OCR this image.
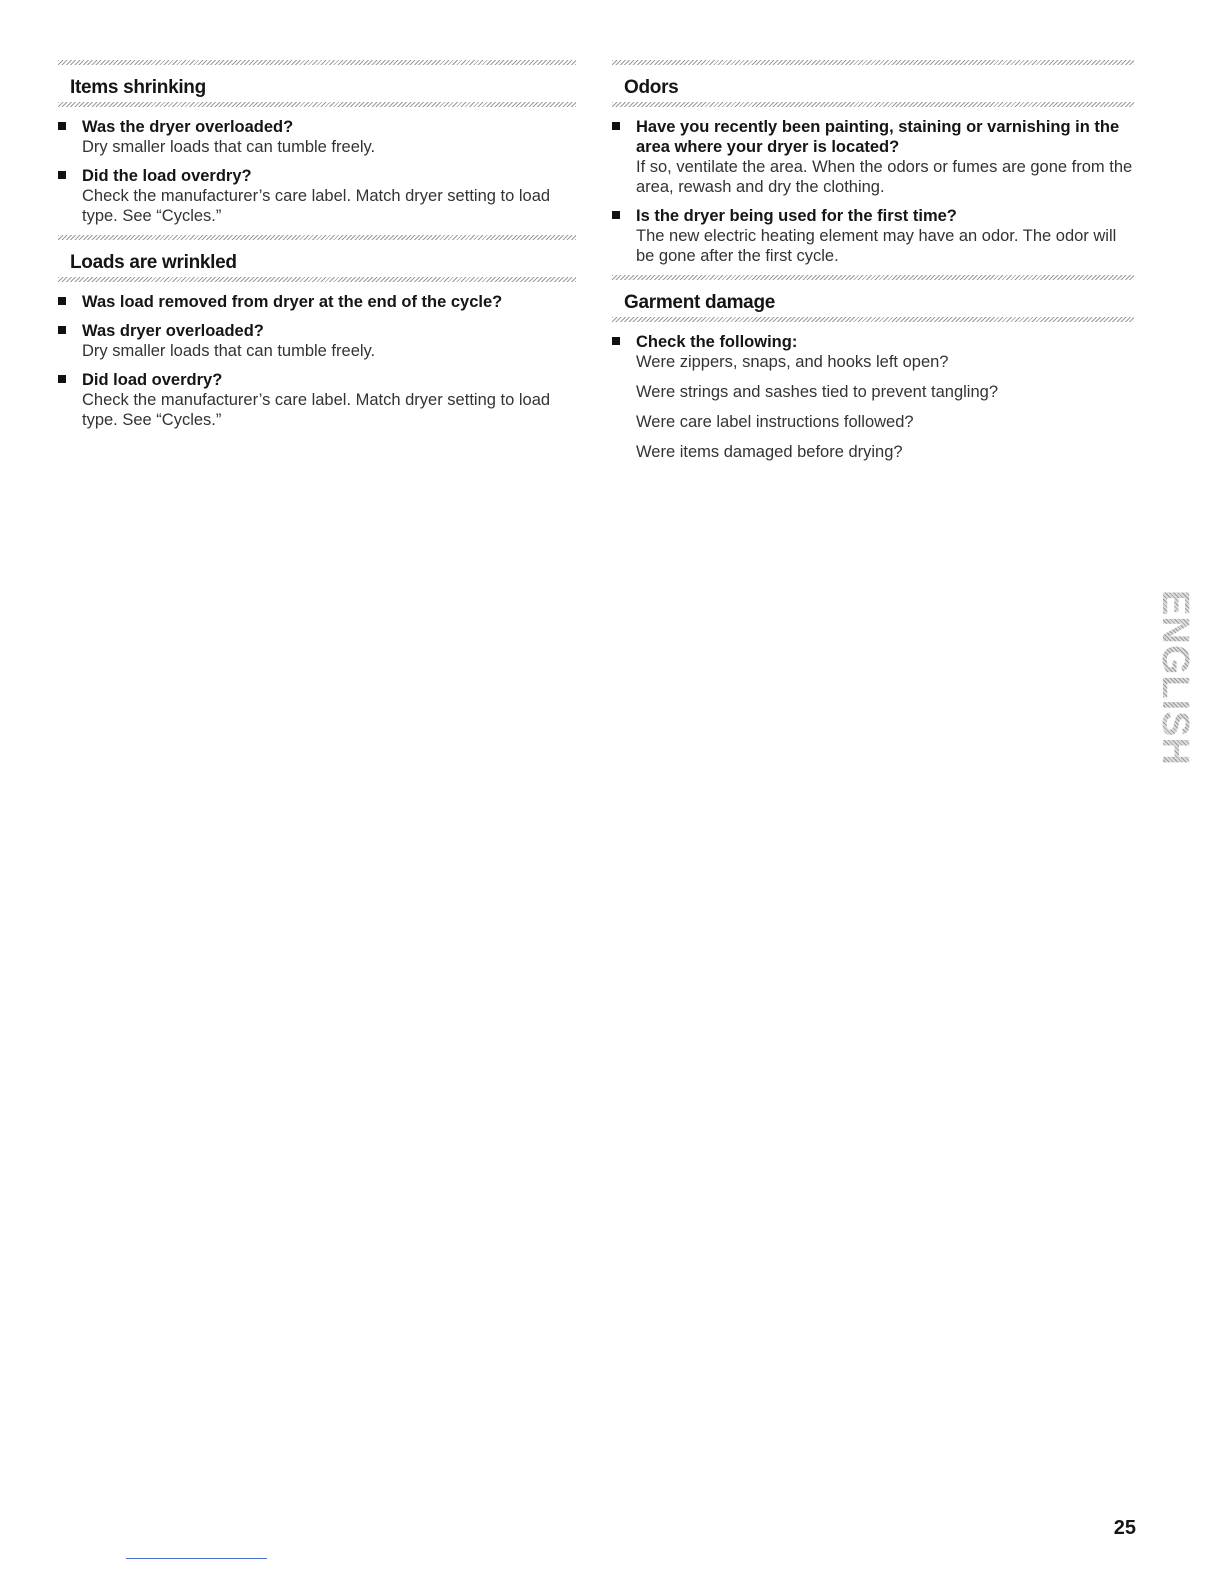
Items shrinking
Was the dryer overloaded?
Dry smaller loads that can tumble freely.
Did the load overdry?
Check the manufacturer’s care label. Match dryer setting to load type. See “Cycles.”
Loads are wrinkled
Was load removed from dryer at the end of the cycle?
Was dryer overloaded?
Dry smaller loads that can tumble freely.
Did load overdry?
Check the manufacturer’s care label. Match dryer setting to load type. See “Cycles.”
Odors
Have you recently been painting, staining or varnishing in the area where your dryer is located?
If so, ventilate the area. When the odors or fumes are gone from the area, rewash and dry the clothing.
Is the dryer being used for the first time?
The new electric heating element may have an odor. The odor will be gone after the first cycle.
Garment damage
Check the following:
Were zippers, snaps, and hooks left open?
Were strings and sashes tied to prevent tangling?
Were care label instructions followed?
Were items damaged before drying?
ENGLISH
25
